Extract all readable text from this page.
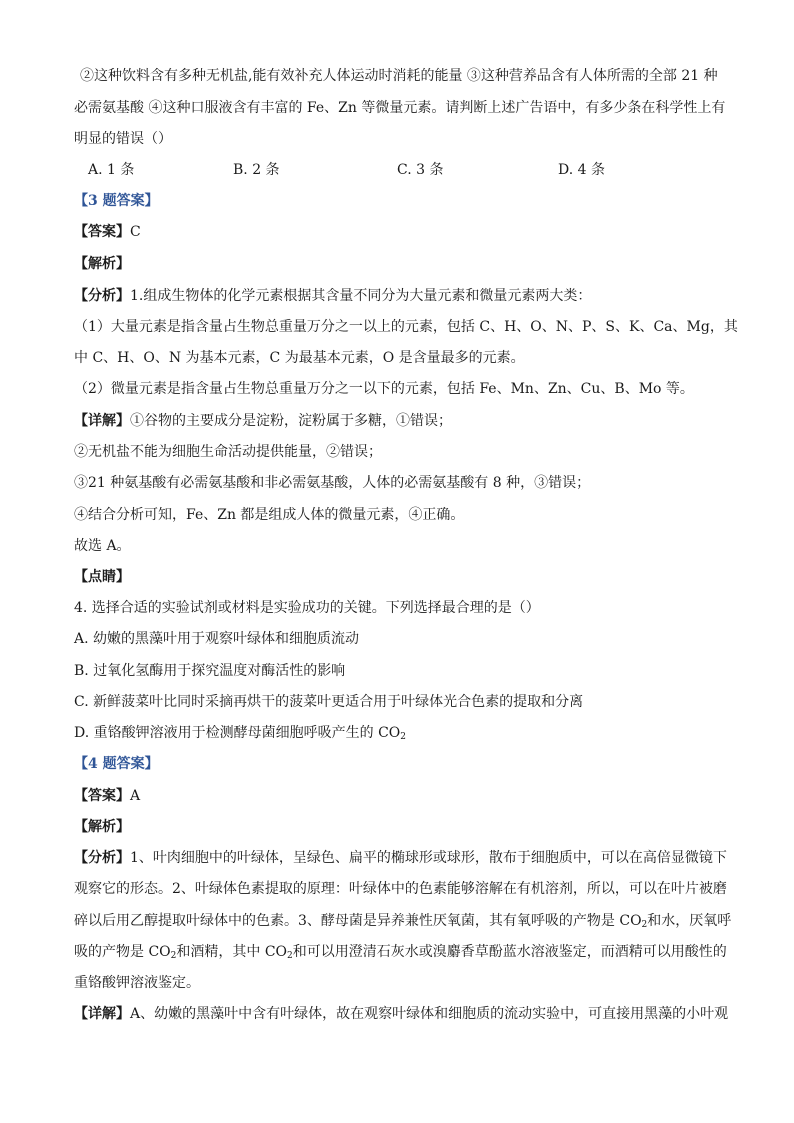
②这种饮料含有多种无机盐,能有效补充人体运动时消耗的能量 ③这种营养品含有人体所需的全部 21 种
必需氨基酸 ④这种口服液含有丰富的 Fe、Zn 等微量元素。请判断上述广告语中，有多少条在科学性上有
明显的错误（）
A. 1 条	B. 2 条	C. 3 条	D. 4 条
【3 题答案】
【答案】C
【解析】
【分析】1.组成生物体的化学元素根据其含量不同分为大量元素和微量元素两大类：
（1）大量元素是指含量占生物总重量万分之一以上的元素，包括 C、H、O、N、P、S、K、Ca、Mg，其
中 C、H、O、N 为基本元素，C 为最基本元素，O 是含量最多的元素。
（2）微量元素是指含量占生物总重量万分之一以下的元素，包括 Fe、Mn、Zn、Cu、B、Mo 等。
【详解】①谷物的主要成分是淀粉，淀粉属于多糖，①错误；
②无机盐不能为细胞生命活动提供能量，②错误；
③21 种氨基酸有必需氨基酸和非必需氨基酸，人体的必需氨基酸有 8 种，③错误；
④结合分析可知，Fe、Zn 都是组成人体的微量元素，④正确。
故选 A。
【点睛】
4. 选择合适的实验试剂或材料是实验成功的关键。下列选择最合理的是（）
A. 幼嫩的黑藻叶用于观察叶绿体和细胞质流动
B. 过氧化氢酶用于探究温度对酶活性的影响
C. 新鲜菠菜叶比同时采摘再烘干的菠菜叶更适合用于叶绿体光合色素的提取和分离
D. 重铬酸钾溶液用于检测酵母菌细胞呼吸产生的 $CO_2$
【4 题答案】
【答案】A
【解析】
【分析】1、叶肉细胞中的叶绿体，呈绿色、扁平的椭球形或球形，散布于细胞质中，可以在高倍显微镜下
观察它的形态。2、叶绿体色素提取的原理：叶绿体中的色素能够溶解在有机溶剂，所以，可以在叶片被磨
碎以后用乙醇提取叶绿体中的色素。3、酵母菌是异养兼性厌氧菌，其有氧呼吸的产物是 $CO_2$和水，厌氧呼
吸的产物是 $CO_2$和酒精，其中 $CO_2$和可以用澄清石灰水或溴麝香草酚蓝水溶液鉴定，而酒精可以用酸性的
重铬酸钾溶液鉴定。
【详解】A、幼嫩的黑藻叶中含有叶绿体，故在观察叶绿体和细胞质的流动实验中，可直接用黑藻的小叶观
